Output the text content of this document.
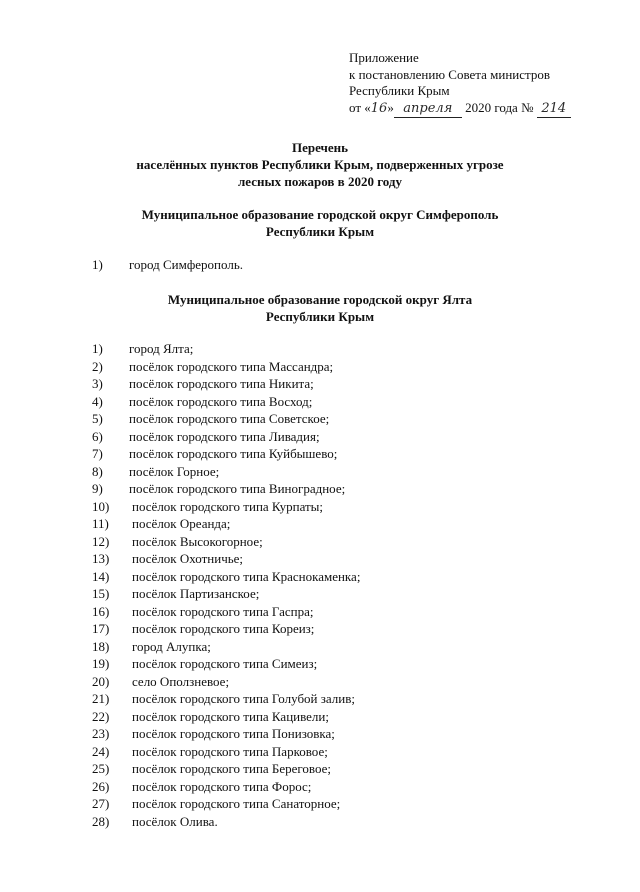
Приложение
к постановлению Совета министров
Республики Крым
от «16» апреля 2020 года № 214
Перечень
населённых пунктов Республики Крым, подверженных угрозе
лесных пожаров в 2020 году
Муниципальное образование городской округ Симферополь
Республики Крым
1) город Симферополь.
Муниципальное образование городской округ Ялта
Республики Крым
1) город Ялта;
2) посёлок городского типа Массандра;
3) посёлок городского типа Никита;
4) посёлок городского типа Восход;
5) посёлок городского типа Советское;
6) посёлок городского типа Ливадия;
7) посёлок городского типа Куйбышево;
8) посёлок Горное;
9) посёлок городского типа Виноградное;
10) посёлок городского типа Курпаты;
11) посёлок Ореанда;
12) посёлок Высокогорное;
13) посёлок Охотничье;
14) посёлок городского типа Краснокаменка;
15) посёлок Партизанское;
16) посёлок городского типа Гаспра;
17) посёлок городского типа Кореиз;
18) город Алупка;
19) посёлок городского типа Симеиз;
20) село Оползневое;
21) посёлок городского типа Голубой залив;
22) посёлок городского типа Кацивели;
23) посёлок городского типа Понизовка;
24) посёлок городского типа Парковое;
25) посёлок городского типа Береговое;
26) посёлок городского типа Форос;
27) посёлок городского типа Санаторное;
28) посёлок Олива.
